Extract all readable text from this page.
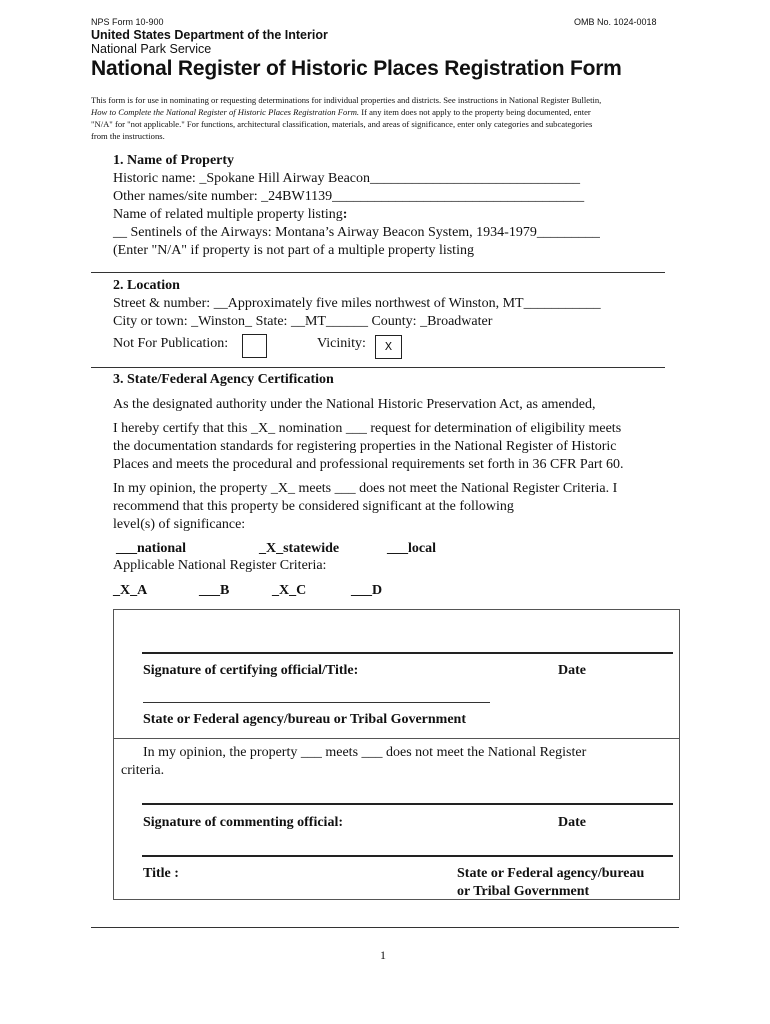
NPS Form 10-900	OMB No. 1024-0018
United States Department of the Interior
National Park Service
National Register of Historic Places Registration Form
This form is for use in nominating or requesting determinations for individual properties and districts. See instructions in National Register Bulletin,
How to Complete the National Register of Historic Places Registration Form. If any item does not apply to the property being documented, enter
"N/A" for "not applicable." For functions, architectural classification, materials, and areas of significance, enter only categories and subcategories
from the instructions.
1. Name of Property
Historic name: _Spokane Hill Airway Beacon______________________________
Other names/site number: _24BW1139____________________________________
Name of related multiple property listing:
__ Sentinels of the Airways: Montana’s Airway Beacon System, 1934-1979_________
(Enter "N/A" if property is not part of a multiple property listing
2. Location
Street & number: __Approximately five miles northwest of Winston, MT___________
City or town: _Winston_ State: __MT______ County: _Broadwater
Not For Publication:	Vicinity:	X
3. State/Federal Agency Certification
As the designated authority under the National Historic Preservation Act, as amended,
I hereby certify that this _X_ nomination ___ request for determination of eligibility meets
the documentation standards for registering properties in the National Register of Historic
Places and meets the procedural and professional requirements set forth in 36 CFR Part 60.
In my opinion, the property _X_ meets ___ does not meet the National Register Criteria. I
recommend that this property be considered significant at the following
level(s) of significance:
___national	_X_statewide	___local
Applicable National Register Criteria:
_X_A	___B	_X_C	___D
Signature of certifying official/Title:	Date
State or Federal agency/bureau or Tribal Government
In my opinion, the property ___ meets ___ does not meet the National Register
criteria.
Signature of commenting official:	Date
Title :	State or Federal agency/bureau
or Tribal Government
1
